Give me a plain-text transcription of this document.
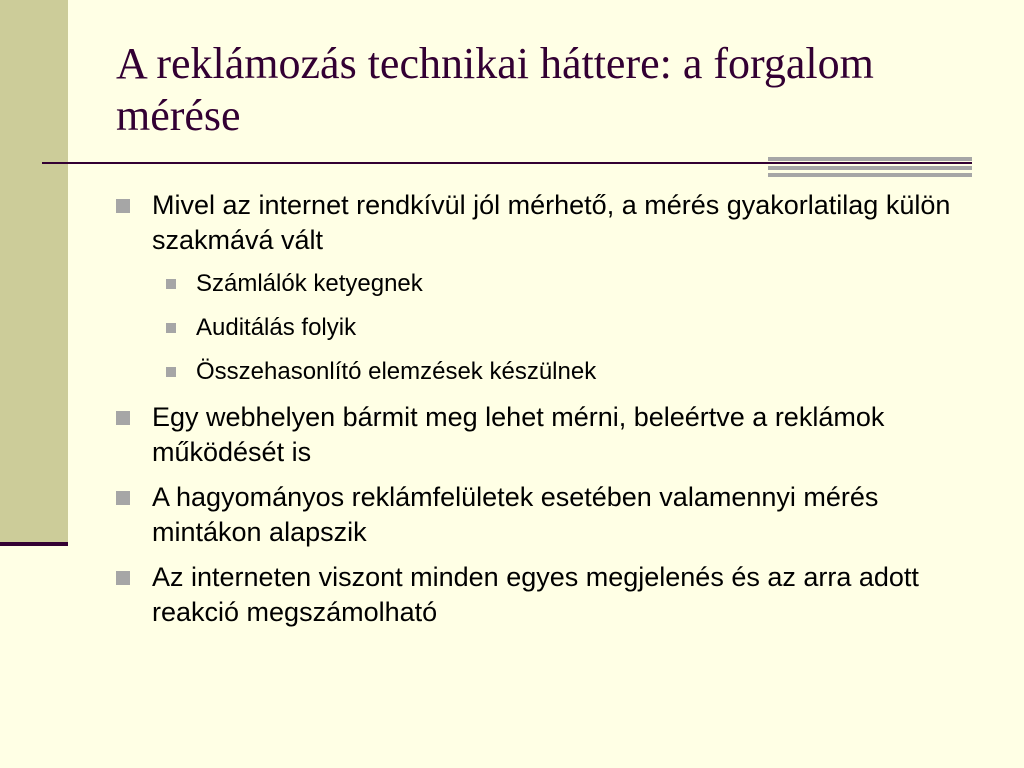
A reklámozás technikai háttere: a forgalom mérése
Mivel az internet rendkívül jól mérhető, a mérés gyakorlatilag külön szakmává vált
Számlálók ketyegnek
Auditálás folyik
Összehasonlító elemzések készülnek
Egy webhelyen bármit meg lehet mérni, beleértve a reklámok működését is
A hagyományos reklámfelületek esetében valamennyi mérés mintákon alapszik
Az interneten viszont minden egyes megjelenés és az arra adott reakció megszámolható
